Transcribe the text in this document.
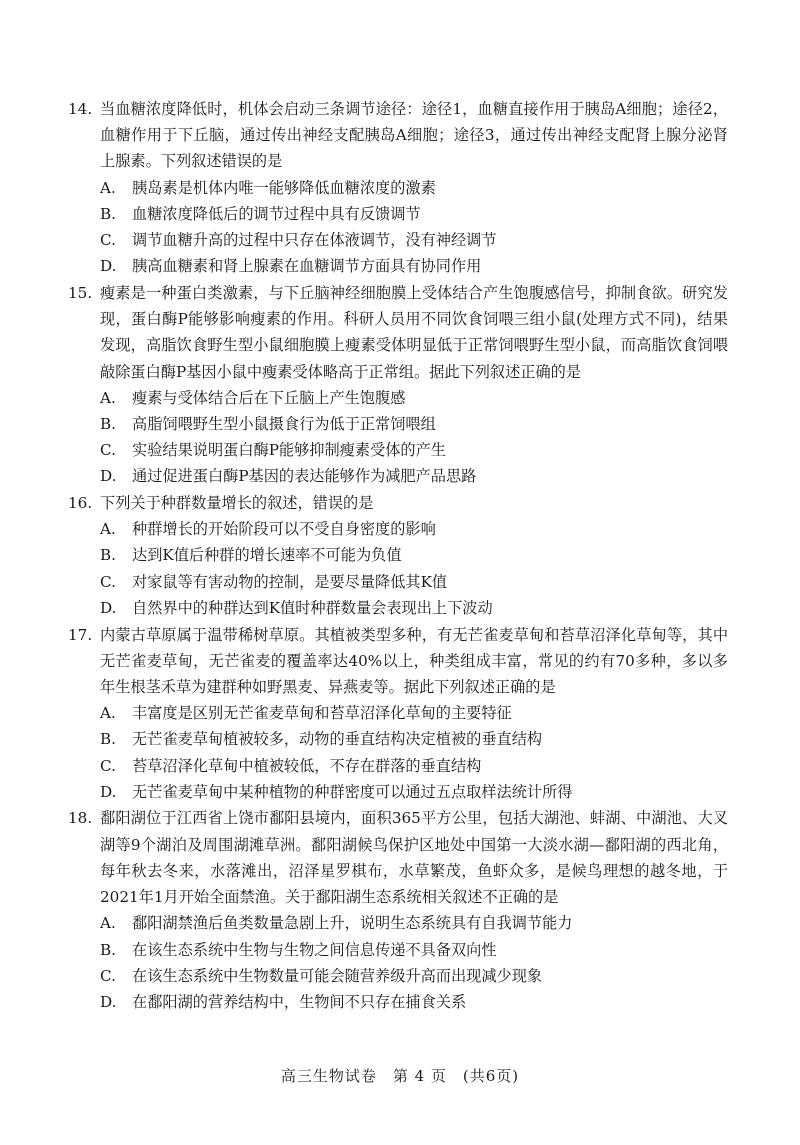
14. 当血糖浓度降低时，机体会启动三条调节途径：途径1，血糖直接作用于胰岛A细胞；途径2，血糖作用于下丘脑，通过传出神经支配胰岛A细胞；途径3，通过传出神经支配肾上腺分泌肾上腺素。下列叙述错误的是
A.	胰岛素是机体内唯一能够降低血糖浓度的激素
B.	血糖浓度降低后的调节过程中具有反馈调节
C.	调节血糖升高的过程中只存在体液调节，没有神经调节
D.	胰高血糖素和肾上腺素在血糖调节方面具有协同作用
15. 瘦素是一种蛋白类激素，与下丘脑神经细胞膜上受体结合产生饱腹感信号，抑制食欲。研究发现，蛋白酶P能够影响瘦素的作用。科研人员用不同饮食饲喂三组小鼠(处理方式不同)，结果发现，高脂饮食野生型小鼠细胞膜上瘦素受体明显低于正常饲喂野生型小鼠，而高脂饮食饲喂敲除蛋白酶P基因小鼠中瘦素受体略高于正常组。据此下列叙述正确的是
A.	瘦素与受体结合后在下丘脑上产生饱腹感
B.	高脂饲喂野生型小鼠摄食行为低于正常饲喂组
C.	实验结果说明蛋白酶P能够抑制瘦素受体的产生
D.	通过促进蛋白酶P基因的表达能够作为减肥产品思路
16. 下列关于种群数量增长的叙述，错误的是
A.	种群增长的开始阶段可以不受自身密度的影响
B.	达到K值后种群的增长速率不可能为负值
C.	对家鼠等有害动物的控制，是要尽量降低其K值
D.	自然界中的种群达到K值时种群数量会表现出上下波动
17. 内蒙古草原属于温带稀树草原。其植被类型多种，有无芒雀麦草甸和苔草沼泽化草甸等，其中无芒雀麦草甸，无芒雀麦的覆盖率达40%以上，种类组成丰富，常见的约有70多种，多以多年生根茎禾草为建群种如野黑麦、异燕麦等。据此下列叙述正确的是
A.	丰富度是区别无芒雀麦草甸和苔草沼泽化草甸的主要特征
B.	无芒雀麦草甸植被较多，动物的垂直结构决定植被的垂直结构
C.	苔草沼泽化草甸中植被较低，不存在群落的垂直结构
D.	无芒雀麦草甸中某种植物的种群密度可以通过五点取样法统计所得
18. 鄱阳湖位于江西省上饶市鄱阳县境内，面积365平方公里，包括大湖池、蚌湖、中湖池、大叉湖等9个湖泊及周围湖滩草洲。鄱阳湖候鸟保护区地处中国第一大淡水湖—鄱阳湖的西北角，每年秋去冬来，水落滩出，沼泽星罗棋布，水草繁茂，鱼虾众多，是候鸟理想的越冬地，于2021年1月开始全面禁渔。关于鄱阳湖生态系统相关叙述不正确的是
A.	鄱阳湖禁渔后鱼类数量急剧上升，说明生态系统具有自我调节能力
B.	在该生态系统中生物与生物之间信息传递不具备双向性
C.	在该生态系统中生物数量可能会随营养级升高而出现减少现象
D.	在鄱阳湖的营养结构中，生物间不只存在捕食关系
高三生物试卷　第 4 页　(共6页)
